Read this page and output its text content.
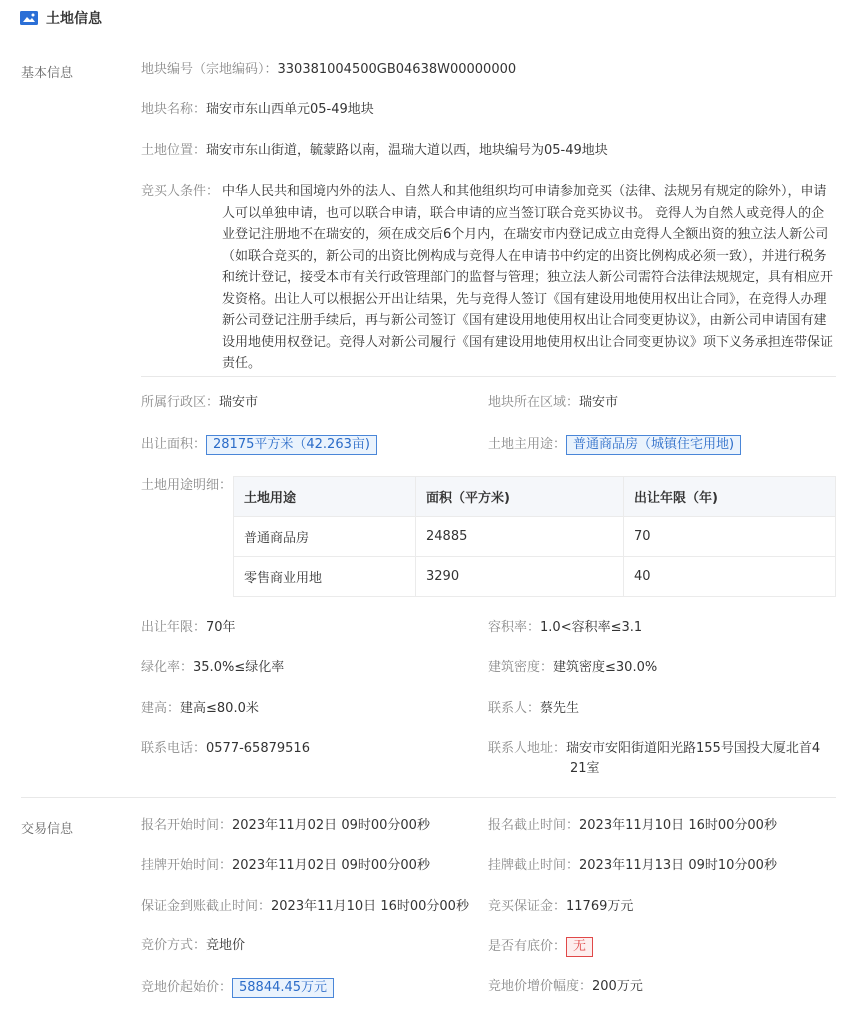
土地信息
基本信息	地块编号（宗地编码）：330381004500GB04638W00000000
地块名称：瑞安市东山西单元05-49地块
土地位置：瑞安市东山街道，毓蒙路以南，温瑞大道以西，地块编号为05-49地块
竞买人条件： 中华人民共和国境内外的法人、自然人和其他组织均可申请参加竞买（法律、法规另有规定的除外），申请人可以单独申请，也可以联合申请，联合申请的应当签订联合竞买协议书。 竞得人为自然人或竞得人的企业登记注册地不在瑞安的，须在成交后6个月内，在瑞安市内登记成立由竞得人全额出资的独立法人新公司（如联合竞买的，新公司的出资比例构成与竞得人在申请书中约定的出资比例构成必须一致），并进行税务和统计登记，接受本市有关行政管理部门的监督与管理；独立法人新公司需符合法律法规规定，具有相应开发资格。出让人可以根据公开出让结果，先与竞得人签订《国有建设用地使用权出让合同》，在竞得人办理新公司登记注册手续后，再与新公司签订《国有建设用地使用权出让合同变更协议》，由新公司申请国有建设用地使用权登记。竞得人对新公司履行《国有建设用地使用权出让合同变更协议》项下义务承担连带保证责任。
所属行政区：瑞安市	地块所在区域：瑞安市
出让面积： 28175平方米（42.263亩)	土地主用途： 普通商品房（城镇住宅用地)
土地用途明细：
土地用途	面积（平方米)	出让年限（年)
普通商品房	24885	70
零售商业用地	3290	40
出让年限：70年	容积率：1.0<容积率≤3.1
绿化率：35.0%≤绿化率	建筑密度：建筑密度≤30.0%
建高：建高≤80.0米	联系人：蔡先生
联系电话：0577-65879516	联系人地址：瑞安市安阳街道阳光路155号国投大厦北首4
21室
交易信息	报名开始时间：2023年11月02日 09时00分00秒	报名截止时间：2023年11月10日 16时00分00秒
挂牌开始时间：2023年11月02日 09时00分00秒	挂牌截止时间：2023年11月13日 09时10分00秒
保证金到账截止时间：2023年11月10日 16时00分00秒 竞买保证金：11769万元
竞价方式：竞地价	是否有底价： 无
竞地价起始价： 58844.45万元	竞地价增价幅度：200万元
